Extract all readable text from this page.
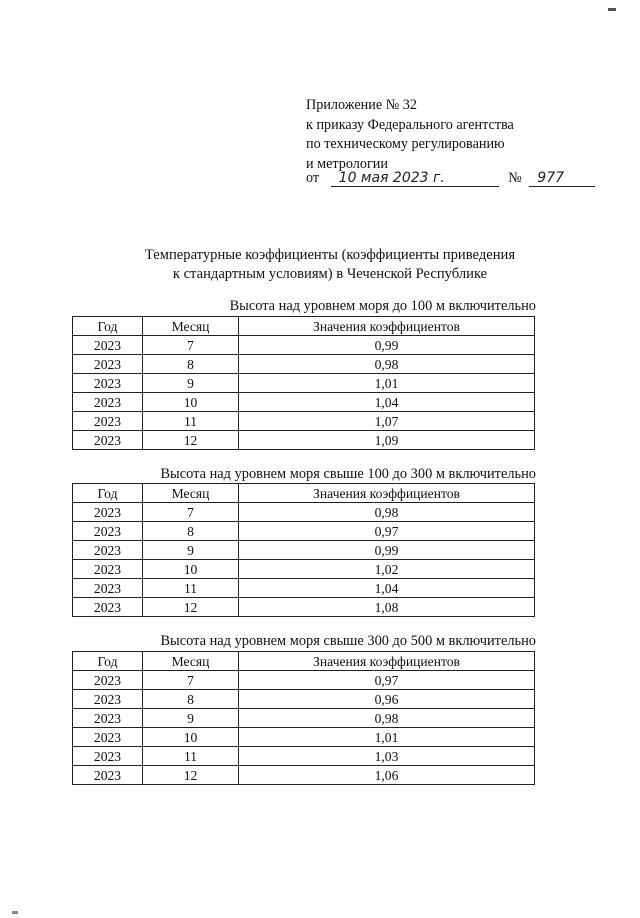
Приложение № 32
к приказу Федерального агентства
по техническому регулированию
и метрологии
от 10 мая 2023 г.	№ 977
Температурные коэффициенты (коэффициенты приведения
к стандартным условиям) в Чеченской Республике
Высота над уровнем моря до 100 м включительно
Год	Месяц	Значения коэффициентов
2023	7	0,99
2023	8	0,98
2023	9	1,01
2023	10	1,04
2023	11	1,07
2023	12	1,09
Высота над уровнем моря свыше 100 до 300 м включительно
Год	Месяц	Значения коэффициентов
2023	7	0,98
2023	8	0,97
2023	9	0,99
2023	10	1,02
2023	11	1,04
2023	12	1,08
Высота над уровнем моря свыше 300 до 500 м включительно
Год	Месяц	Значения коэффициентов
2023	7	0,97
2023	8	0,96
2023	9	0,98
2023	10	1,01
2023	11	1,03
2023	12	1,06
